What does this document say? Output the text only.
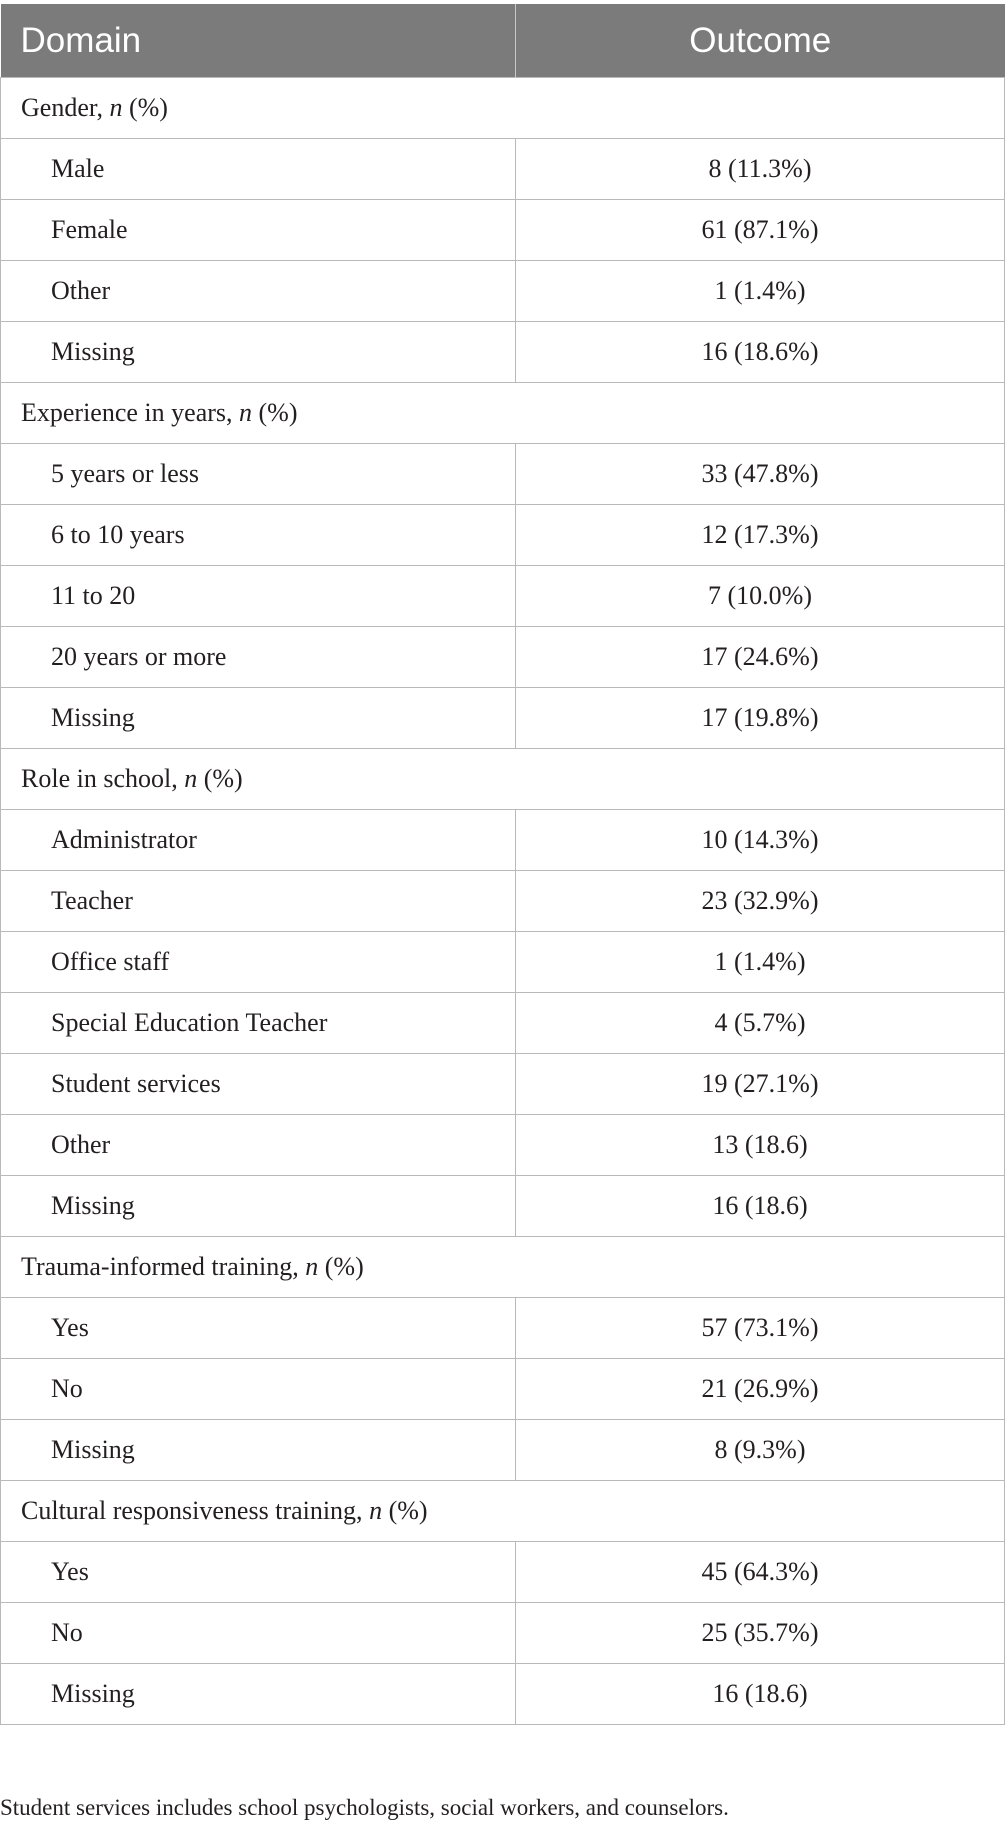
Domain	Outcome
Gender, n (%)	
Male	8 (11.3%)
Female	61 (87.1%)
Other	1 (1.4%)
Missing	16 (18.6%)
Experience in years, n (%)	
5 years or less	33 (47.8%)
6 to 10 years	12 (17.3%)
11 to 20	7 (10.0%)
20 years or more	17 (24.6%)
Missing	17 (19.8%)
Role in school, n (%)	
Administrator	10 (14.3%)
Teacher	23 (32.9%)
Office staff	1 (1.4%)
Special Education Teacher	4 (5.7%)
Student services	19 (27.1%)
Other	13 (18.6)
Missing	16 (18.6)
Trauma-informed training, n (%)	
Yes	57 (73.1%)
No	21 (26.9%)
Missing	8 (9.3%)
Cultural responsiveness training, n (%)	
Yes	45 (64.3%)
No	25 (35.7%)
Missing	16 (18.6)
Student services includes school psychologists, social workers, and counselors.
